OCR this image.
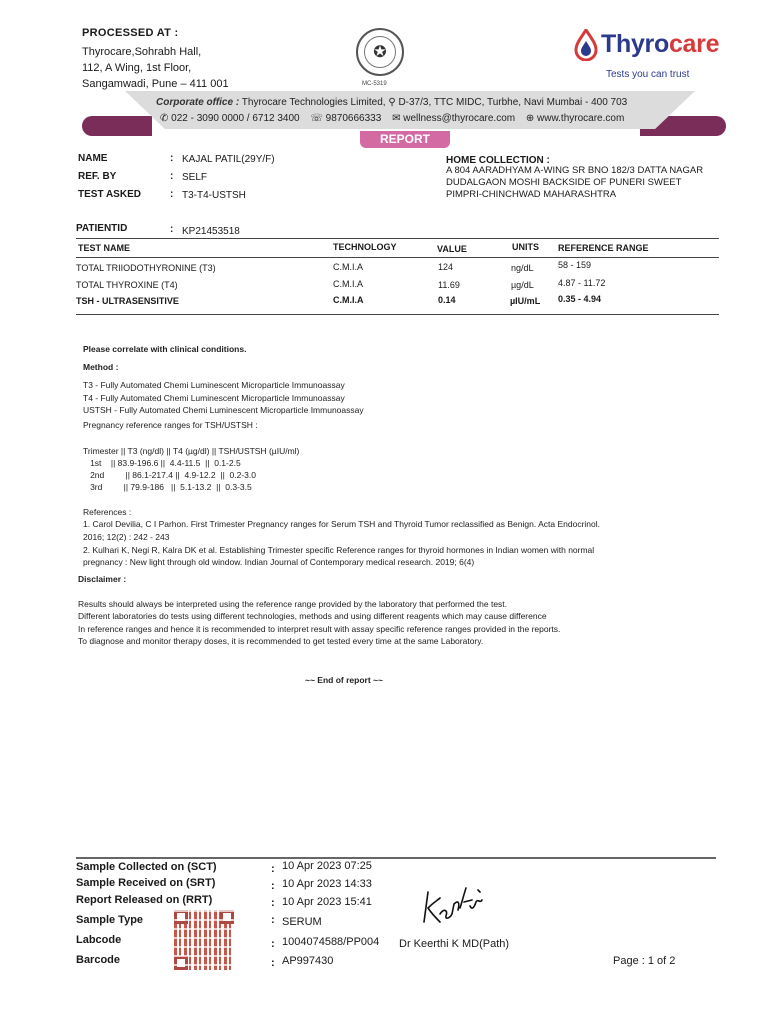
PROCESSED AT :
Thyrocare,Sohrabh Hall,
112, A Wing, 1st Floor,
Sangamwadi, Pune – 411 001
✪
MC-5319
Thyrocare
Tests you can trust
Corporate office : Thyrocare Technologies Limited, ⚲ D-37/3, TTC MIDC, Turbhe, Navi Mumbai - 400 703
✆ 022 - 3090 0000 / 6712 3400 ☏ 9870666333 ✉ wellness@thyrocare.com ⊕ www.thyrocare.com
REPORT
NAME	: KAJAL PATIL(29Y/F)
REF. BY	: SELF
TEST ASKED	: T3-T4-USTSH
PATIENTID	: KP21453518
HOME COLLECTION :
A 804 AARADHYAM A-WING SR BNO 182/3 DATTA NAGAR
DUDALGAON MOSHI BACKSIDE OF PUNERI SWEET
PIMPRI-CHINCHWAD MAHARASHTRA
TEST NAME	TECHNOLOGY	VALUE	UNITS REFERENCE RANGE
TOTAL TRIIODOTHYRONINE (T3)	C.M.I.A	124	ng/dL	58 - 159
TOTAL THYROXINE (T4)	C.M.I.A	11.69	µg/dL	4.87 - 11.72
TSH - ULTRASENSITIVE	C.M.I.A	0.14	µIU/mL 0.35 - 4.94
Please correlate with clinical conditions.
Method :
T3 - Fully Automated Chemi Luminescent Microparticle Immunoassay
T4 - Fully Automated Chemi Luminescent Microparticle Immunoassay
USTSH - Fully Automated Chemi Luminescent Microparticle Immunoassay
Pregnancy reference ranges for TSH/USTSH :
Trimester || T3 (ng/dl) || T4 (µg/dl) || TSH/USTSH (µIU/ml)
1st    || 83.9-196.6 ||  4.4-11.5  ||  0.1-2.5
2nd         || 86.1-217.4 ||  4.9-12.2  ||  0.2-3.0
3rd         || 79.9-186   ||  5.1-13.2  ||  0.3-3.5
References :
1. Carol Devilia, C I Parhon. First Trimester Pregnancy ranges for Serum TSH and Thyroid Tumor reclassified as Benign. Acta Endocrinol.
2016; 12(2) : 242 - 243
2. Kulhari K, Negi R, Kalra DK et al. Establishing Trimester specific Reference ranges for thyroid hormones in Indian women with normal
pregnancy : New light through old window. Indian Journal of Contemporary medical research. 2019; 6(4)
Disclaimer :
Results should always be interpreted using the reference range provided by the laboratory that performed the test.
Different laboratories do tests using different technologies, methods and using different reagents which may cause difference
In reference ranges and hence it is recommended to interpret result with assay specific reference ranges provided in the reports.
To diagnose and monitor therapy doses, it is recommended to get tested every time at the same Laboratory.
~~ End of report ~~
Sample Collected on (SCT)	: 10 Apr 2023 07:25
Sample Received on (SRT)	: 10 Apr 2023 14:33
Report Released on (RRT)	: 10 Apr 2023 15:41
Sample Type	: SERUM
Labcode	: 1004074588/PP004
Barcode	: AP997430
Dr Keerthi K MD(Path)
Page : 1 of 2
